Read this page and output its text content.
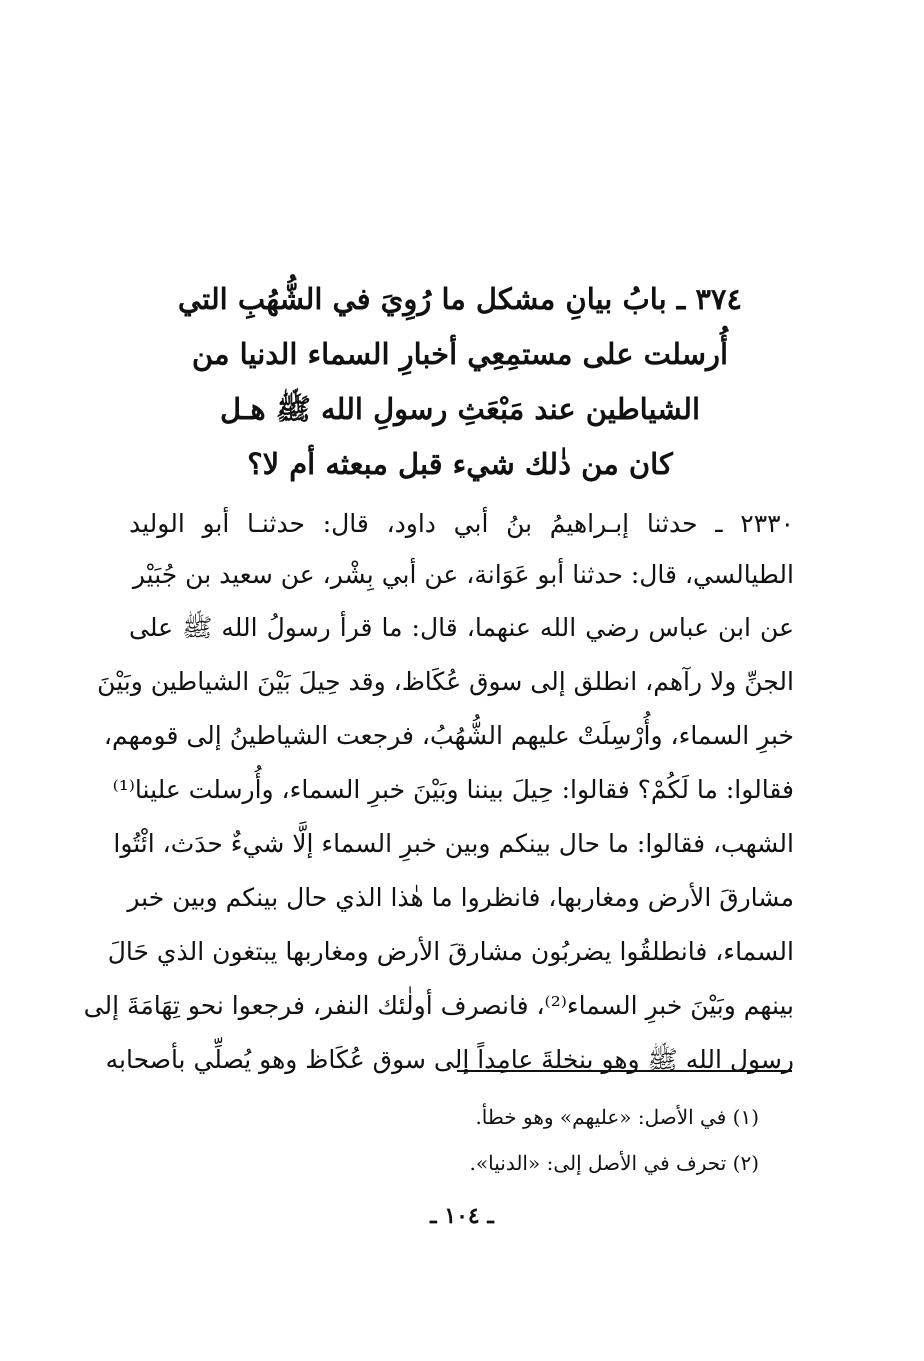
٣٧٤ ـ بابُ بيانِ مشكل ما رُوِيَ في الشُّهُبِ التي
أُرسلت على مستمِعِي أخبارِ السماء الدنيا من
الشياطين عند مَبْعَثِ رسولِ الله ﷺ هـل
كان من ذٰلك شيء قبل مبعثه أم لا؟
٢٣٣٠ ـ حدثنا إبـراهيمُ بنُ أبي داود، قال: حدثنـا أبو الوليد
الطيالسي، قال: حدثنا أبو عَوَانة، عن أبي بِشْر، عن سعيد بن جُبَيْر
عن ابن عباس رضي الله عنهما، قال: ما قرأ رسولُ الله ﷺ على
الجنِّ ولا رآهم، انطلق إلى سوق عُكَاظ، وقد حِيلَ بَيْنَ الشياطين وبَيْنَ
خبرِ السماء، وأُرْسِلَتْ عليهم الشُّهُبُ، فرجعت الشياطينُ إلى قومهم،
فقالوا: ما لَكُمْ؟ فقالوا: حِيلَ بيننا وبَيْنَ خبرِ السماء، وأُرسلت علينا⁽¹⁾
الشهب، فقالوا: ما حال بينكم وبين خبرِ السماء إلَّا شيءٌ حدَث، ائْتُوا
مشارقَ الأرض ومغاربها، فانظروا ما هٰذا الذي حال بينكم وبين خبر
السماء، فانطلقُوا يضربُون مشارقَ الأرض ومغاربها يبتغون الذي حَالَ
بينهم وبَيْنَ خبرِ السماء⁽²⁾، فانصرف أولٰئك النفر، فرجعوا نحو تِهَامَةَ إلى
رسول الله ﷺ وهو بنخلةَ عامِداً إلى سوق عُكَاظ وهو يُصلِّي بأصحابه
(١) في الأصل: «عليهم» وهو خطأ.
(٢) تحرف في الأصل إلى: «الدنيا».
ـ ١٠٤ ـ
